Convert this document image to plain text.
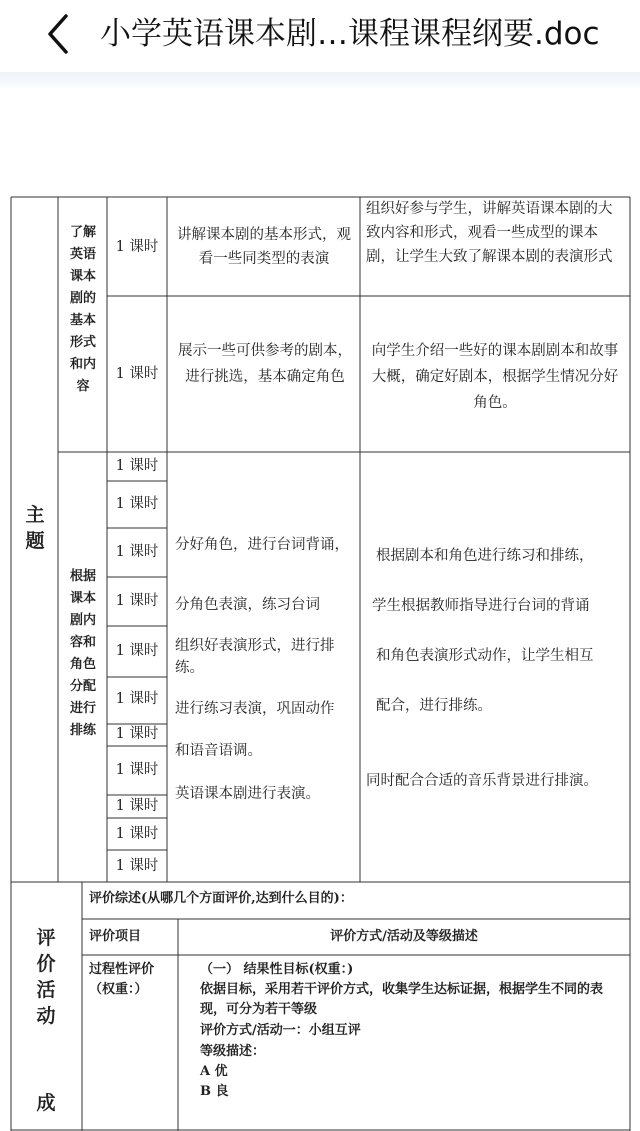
小学英语课本剧…课程课程纲要.doc
主题
了解英语课本剧的基本形式和内容
根据课本剧内容和角色分配进行排练
1 课时
1 课时
1 课时
1 课时
1 课时
1 课时
1 课时
1 课时
1 课时
1 课时
1 课时
1 课时
1 课时
讲解课本剧的基本形式，观看一些同类型的表演
组织好参与学生，讲解英语课本剧的大致内容和形式，观看一些成型的课本剧，让学生大致了解课本剧的表演形式
展示一些可供参考的剧本，进行挑选，基本确定角色
向学生介绍一些好的课本剧剧本和故事大概，确定好剧本，根据学生情况分好角色。
分好角色，进行台词背诵，
分角色表演，练习台词
组织好表演形式，进行排练。
进行练习表演，巩固动作
和语音语调。
英语课本剧进行表演。
根据剧本和角色进行练习和排练，
学生根据教师指导进行台词的背诵
和角色表演形式动作，让学生相互
配合，进行排练。
同时配合合适的音乐背景进行排演。
评价活动
成
评价综述(从哪几个方面评价,达到什么目的)：
评价项目	评价方式/活动及等级描述
过程性评价
（权重：）
（一） 结果性目标(权重：)
依据目标，采用若干评价方式，收集学生达标证据，根据学生不同的表现，可分为若干等级
评价方式/活动一：小组互评
等级描述：
A 优
B 良
